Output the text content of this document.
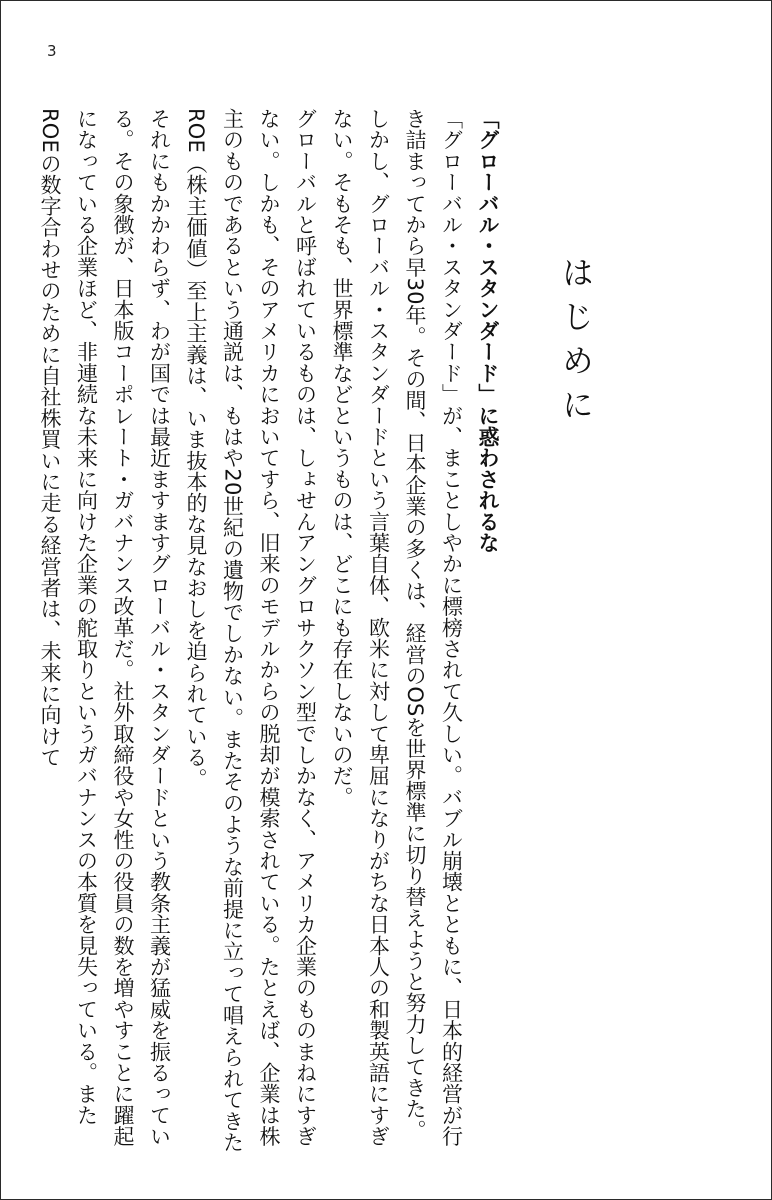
3
はじめに
「グローバル・スタンダード」に惑わされるな
「グローバル・スタンダード」が、まことしやかに標榜されて久しい。バブル崩壊とともに、日本的経営が行き詰まってから早30年。その間、日本企業の多くは、経営のOSを世界標準に切り替えようと努力してきた。
しかし、グローバル・スタンダードという言葉自体、欧米に対して卑屈になりがちな日本人の和製英語にすぎない。そもそも、世界標準などというものは、どこにも存在しないのだ。
グローバルと呼ばれているものは、しょせんアングロサクソン型でしかなく、アメリカ企業のものまねにすぎない。しかも、そのアメリカにおいてすら、旧来のモデルからの脱却が模索されている。たとえば、企業は株主のものであるという通説は、もはや20世紀の遺物でしかない。またそのような前提に立って唱えられてきたROE（株主価値）至上主義は、いま抜本的な見なおしを迫られている。
それにもかかわらず、わが国では最近ますますグローバル・スタンダードという教条主義が猛威を振るっている。その象徴が、日本版コーポレート・ガバナンス改革だ。社外取締役や女性の役員の数を増やすことに躍起になっている企業ほど、非連続な未来に向けた企業の舵取りというガバナンスの本質を見失っている。またROEの数字合わせのために自社株買いに走る経営者は、未来に向けて
